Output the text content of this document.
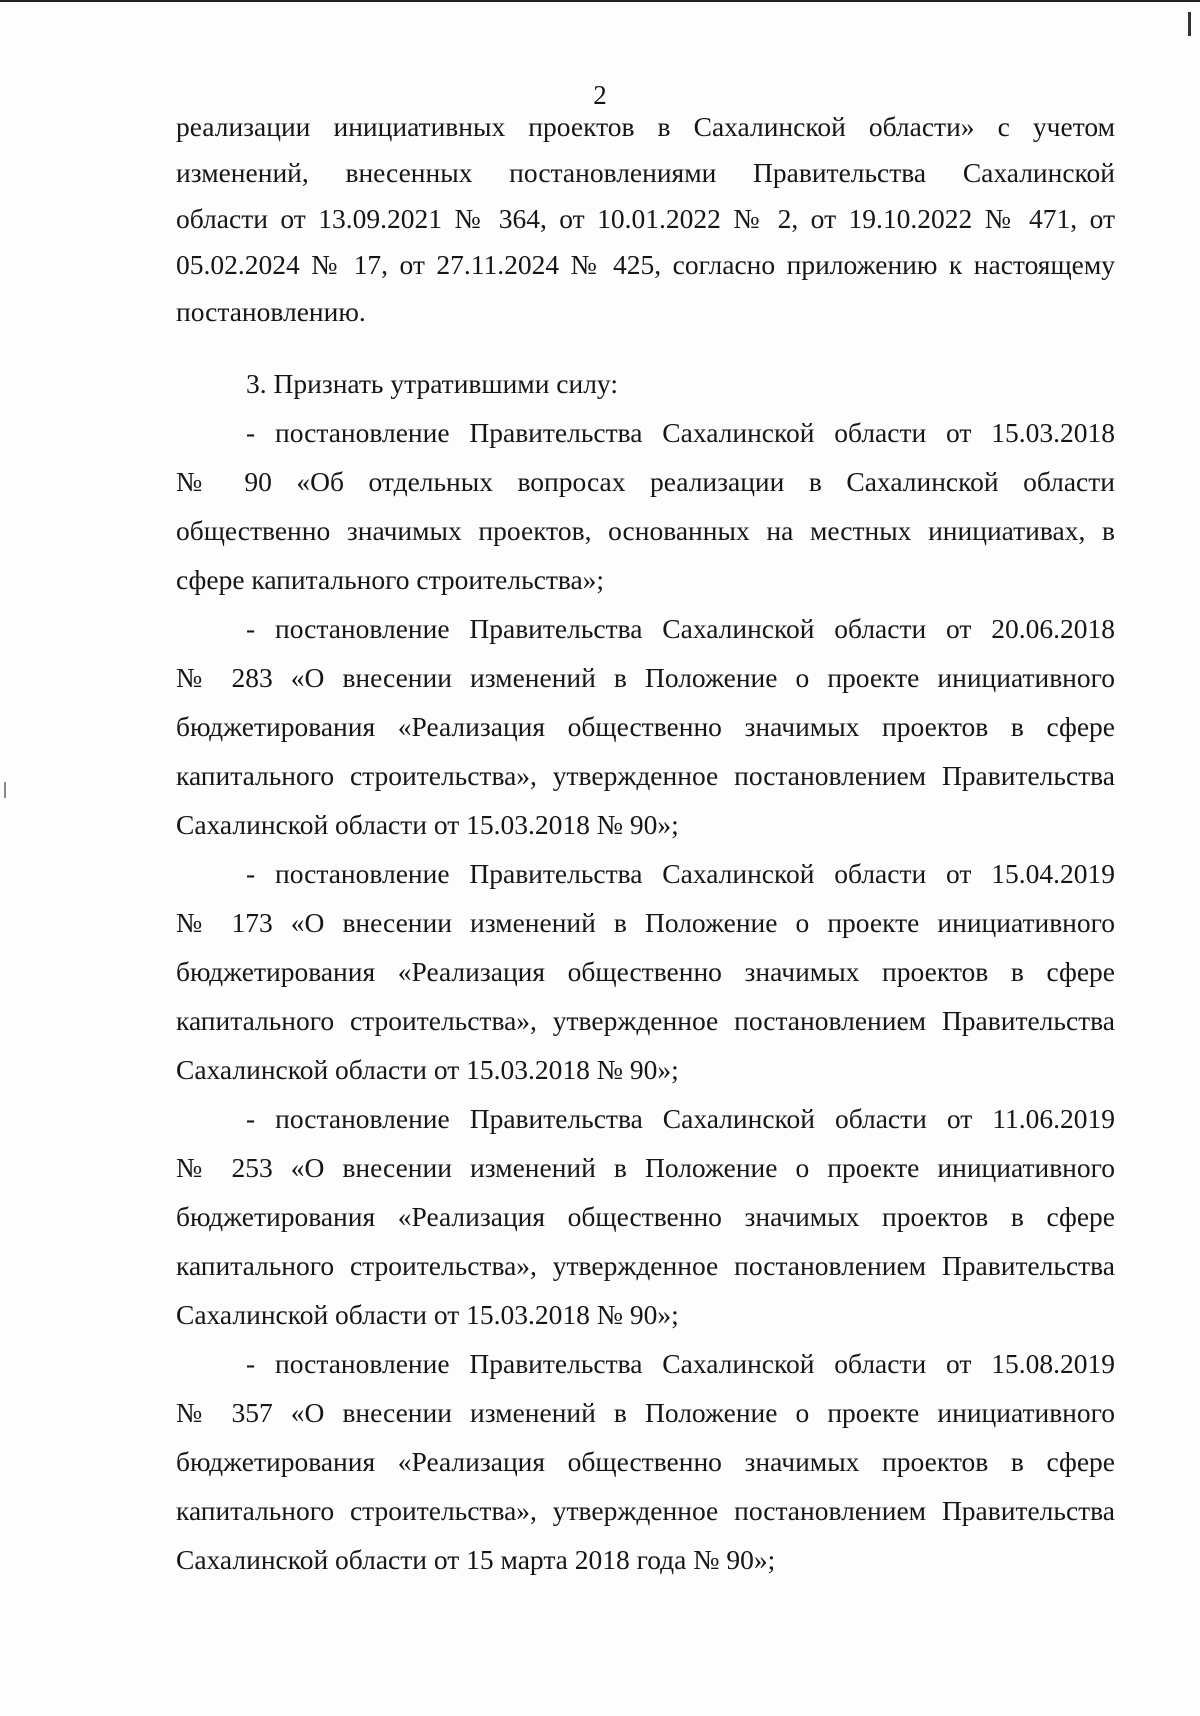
2
реализации инициативных проектов в Сахалинской области» с учетом
изменений, внесенных постановлениями Правительства Сахалинской
области от 13.09.2021 № 364, от 10.01.2022 № 2, от 19.10.2022 № 471, от
05.02.2024 № 17, от 27.11.2024 № 425, согласно приложению к настоящему
постановлению.
3. Признать утратившими силу:
- постановление Правительства Сахалинской области от 15.03.2018
№ 90 «Об отдельных вопросах реализации в Сахалинской области
общественно значимых проектов, основанных на местных инициативах, в
сфере капитального строительства»;
- постановление Правительства Сахалинской области от 20.06.2018
№ 283 «О внесении изменений в Положение о проекте инициативного
бюджетирования «Реализация общественно значимых проектов в сфере
капитального строительства», утвержденное постановлением Правительства
Сахалинской области от 15.03.2018 № 90»;
- постановление Правительства Сахалинской области от 15.04.2019
№ 173 «О внесении изменений в Положение о проекте инициативного
бюджетирования «Реализация общественно значимых проектов в сфере
капитального строительства», утвержденное постановлением Правительства
Сахалинской области от 15.03.2018 № 90»;
- постановление Правительства Сахалинской области от 11.06.2019
№ 253 «О внесении изменений в Положение о проекте инициативного
бюджетирования «Реализация общественно значимых проектов в сфере
капитального строительства», утвержденное постановлением Правительства
Сахалинской области от 15.03.2018 № 90»;
- постановление Правительства Сахалинской области от 15.08.2019
№ 357 «О внесении изменений в Положение о проекте инициативного
бюджетирования «Реализация общественно значимых проектов в сфере
капитального строительства», утвержденное постановлением Правительства
Сахалинской области от 15 марта 2018 года № 90»;
